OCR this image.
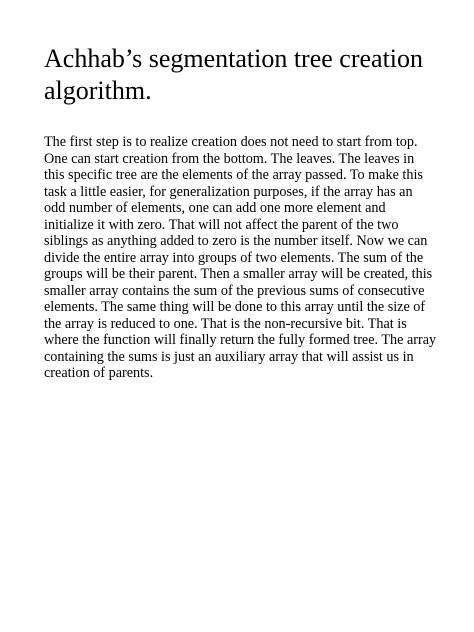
Achhab’s segmentation tree creation
algorithm.

The first step is to realize creation does not need to start from top.
One can start creation from the bottom. The leaves. The leaves in
this specific tree are the elements of the array passed. To make this
task a little easier, for generalization purposes, if the array has an
odd number of elements, one can add one more element and
initialize it with zero. That will not affect the parent of the two
siblings as anything added to zero is the number itself. Now we can
divide the entire array into groups of two elements. The sum of the
groups will be their parent. Then a smaller array will be created, this
smaller array contains the sum of the previous sums of consecutive
elements. The same thing will be done to this array until the size of
the array is reduced to one. That is the non-recursive bit. That is
where the function will finally return the fully formed tree. The array
containing the sums is just an auxiliary array that will assist us in
creation of parents.
